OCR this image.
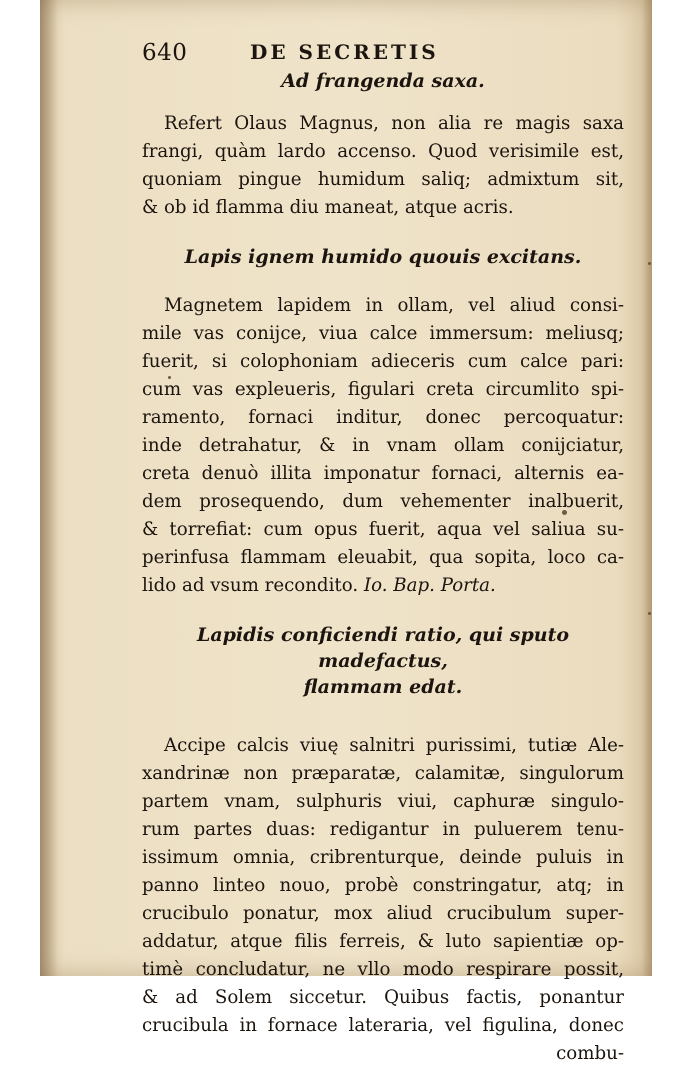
640	DE SECRETIS

Ad frangenda saxa.

Refert Olaus Magnus, non alia re magis saxa
frangi, quàm lardo accenso. Quod verisimile est,
quoniam pingue humidum saliq; admixtum sit,
& ob id flamma diu maneat, atque acris.

Lapis ignem humido quouis excitans.

Magnetem lapidem in ollam, vel aliud consi-
mile vas conijce, viua calce immersum: meliusq;
fuerit, si colophoniam adieceris cum calce pari:
cum vas expleueris, figulari creta circumlito spi-
ramento, fornaci inditur, donec percoquatur:
inde detrahatur, & in vnam ollam conijciatur,
creta denuò illita imponatur fornaci, alternis ea-
dem prosequendo, dum vehementer inalbuerit,
& torrefiat: cum opus fuerit, aqua vel saliua su-
perinfusa flammam eleuabit, qua sopita, loco ca-
lido ad vsum recondito. Io. Bap. Porta.

Lapidis conficiendi ratio, qui sputo madefactus,

flammam edat.

Accipe calcis viuę salnitri purissimi, tutiæ Ale-
xandrinæ non præparatæ, calamitæ, singulorum
partem vnam, sulphuris viui, caphuræ singulo-
rum partes duas: redigantur in puluerem tenu-
issimum omnia, cribrenturque, deinde puluis in
panno linteo nouo, probè constringatur, atq; in
crucibulo ponatur, mox aliud crucibulum super-
addatur, atque filis ferreis, & luto sapientiæ op-
timè concludatur, ne vllo modo respirare possit,
& ad Solem siccetur. Quibus factis, ponantur
crucibula in fornace lateraria, vel figulina, donec
combu-
